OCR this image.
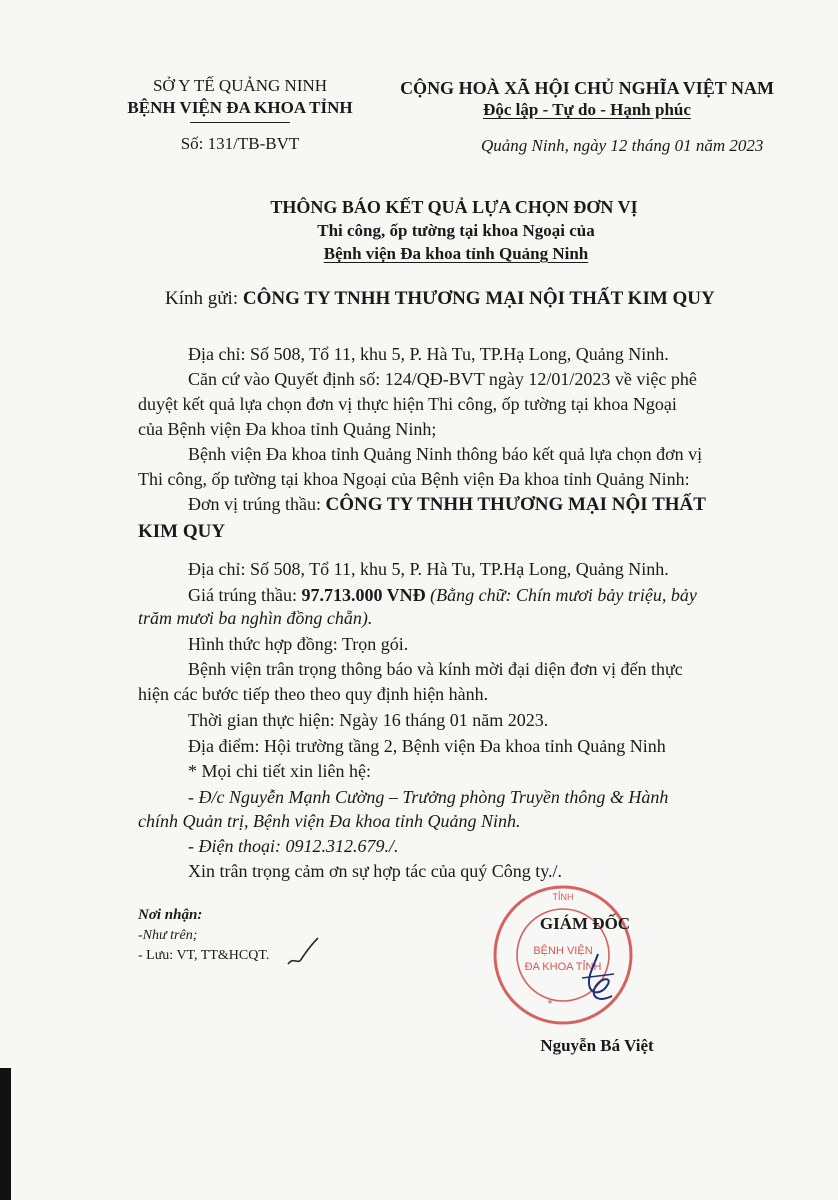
SỞ Y TẾ QUẢNG NINH
BỆNH VIỆN ĐA KHOA TỈNH
Số: 131/TB-BVT
CỘNG HOÀ XÃ HỘI CHỦ NGHĨA VIỆT NAM
Độc lập - Tự do - Hạnh phúc
Quảng Ninh, ngày 12 tháng 01 năm 2023
THÔNG BÁO KẾT QUẢ LỰA CHỌN ĐƠN VỊ
Thi công, ốp tường tại khoa Ngoại của
Bệnh viện Đa khoa tỉnh Quảng Ninh
Kính gửi: CÔNG TY TNHH THƯƠNG MẠI NỘI THẤT KIM QUY
Địa chỉ: Số 508, Tổ 11, khu 5, P. Hà Tu, TP.Hạ Long, Quảng Ninh.
Căn cứ vào Quyết định số: 124/QĐ-BVT ngày 12/01/2023 về việc phê
duyệt kết quả lựa chọn đơn vị thực hiện Thi công, ốp tường tại khoa Ngoại
của Bệnh viện Đa khoa tỉnh Quảng Ninh;
Bệnh viện Đa khoa tỉnh Quảng Ninh thông báo kết quả lựa chọn đơn vị
Thi công, ốp tường tại khoa Ngoại của Bệnh viện Đa khoa tỉnh Quảng Ninh:
Đơn vị trúng thầu: CÔNG TY TNHH THƯƠNG MẠI NỘI THẤT
KIM QUY
Địa chỉ: Số 508, Tổ 11, khu 5, P. Hà Tu, TP.Hạ Long, Quảng Ninh.
Giá trúng thầu: 97.713.000 VNĐ (Bằng chữ: Chín mươi bảy triệu, bảy
trăm mươi ba nghìn đồng chẵn).
Hình thức hợp đồng: Trọn gói.
Bệnh viện trân trọng thông báo và kính mời đại diện đơn vị đến thực
hiện các bước tiếp theo theo quy định hiện hành.
Thời gian thực hiện: Ngày 16 tháng 01 năm 2023.
Địa điểm: Hội trường tầng 2, Bệnh viện Đa khoa tỉnh Quảng Ninh
* Mọi chi tiết xin liên hệ:
- Đ/c Nguyễn Mạnh Cường – Trưởng phòng Truyền thông & Hành
chính Quản trị, Bệnh viện Đa khoa tỉnh Quảng Ninh.
- Điện thoại: 0912.312.679./.
Xin trân trọng cảm ơn sự hợp tác của quý Công ty./.
Nơi nhận:
-Như trên;
- Lưu: VT, TT&HCQT.
TỈNH
BỆNH VIỆN
ĐA KHOA TỈNH
*
GIÁM ĐỐC
Nguyễn Bá Việt
